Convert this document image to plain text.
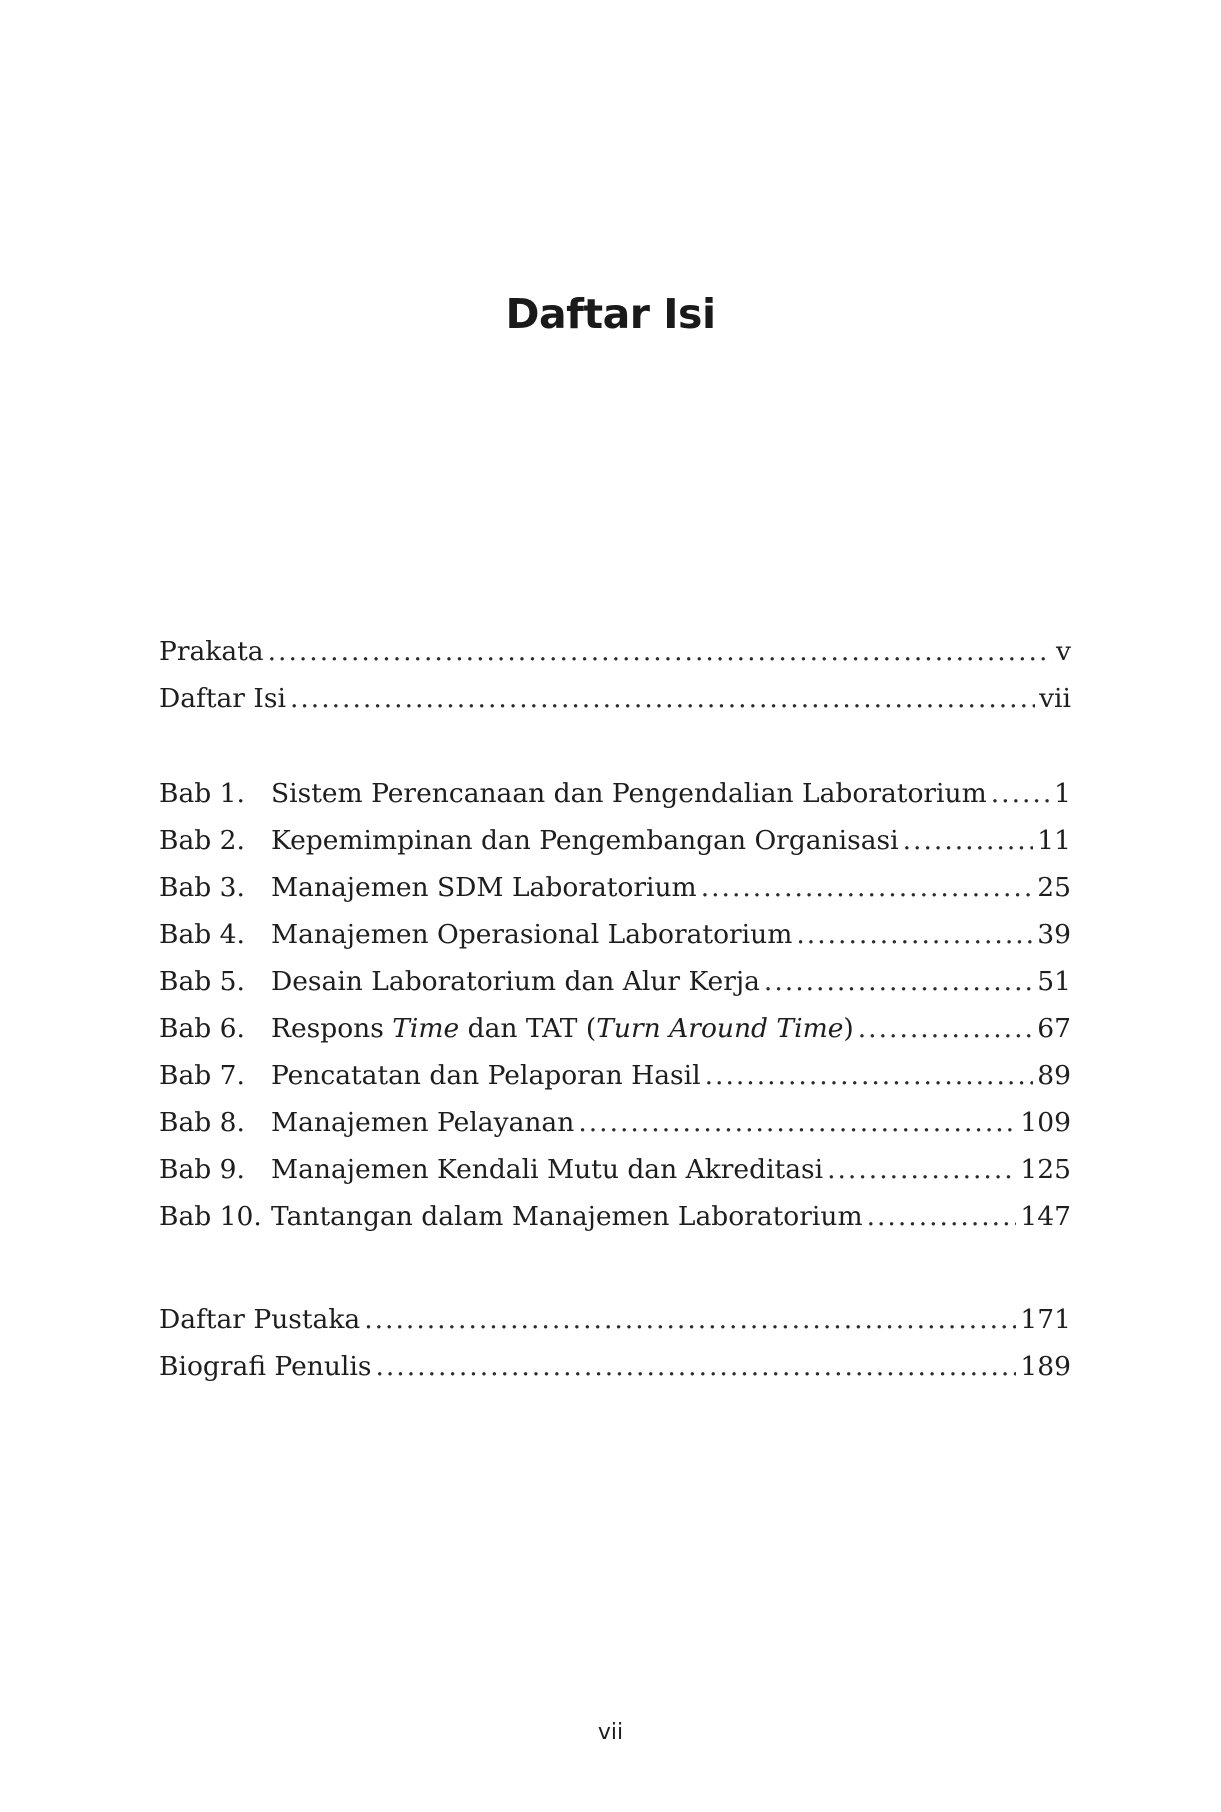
Daftar Isi
Prakata .....	v
Daftar Isi .....	vii
Bab 1. Sistem Perencanaan dan Pengendalian Laboratorium .....	1
Bab 2. Kepemimpinan dan Pengembangan Organisasi .....	11
Bab 3. Manajemen SDM Laboratorium .....	25
Bab 4. Manajemen Operasional Laboratorium .....	39
Bab 5. Desain Laboratorium dan Alur Kerja .....	51
Bab 6. Respons Time dan TAT (Turn Around Time) .....	67
Bab 7. Pencatatan dan Pelaporan Hasil .....	89
Bab 8. Manajemen Pelayanan .....	109
Bab 9. Manajemen Kendali Mutu dan Akreditasi .....	125
Bab 10. Tantangan dalam Manajemen Laboratorium .....	147
Daftar Pustaka .....	171
Biografi Penulis .....	189
vii
